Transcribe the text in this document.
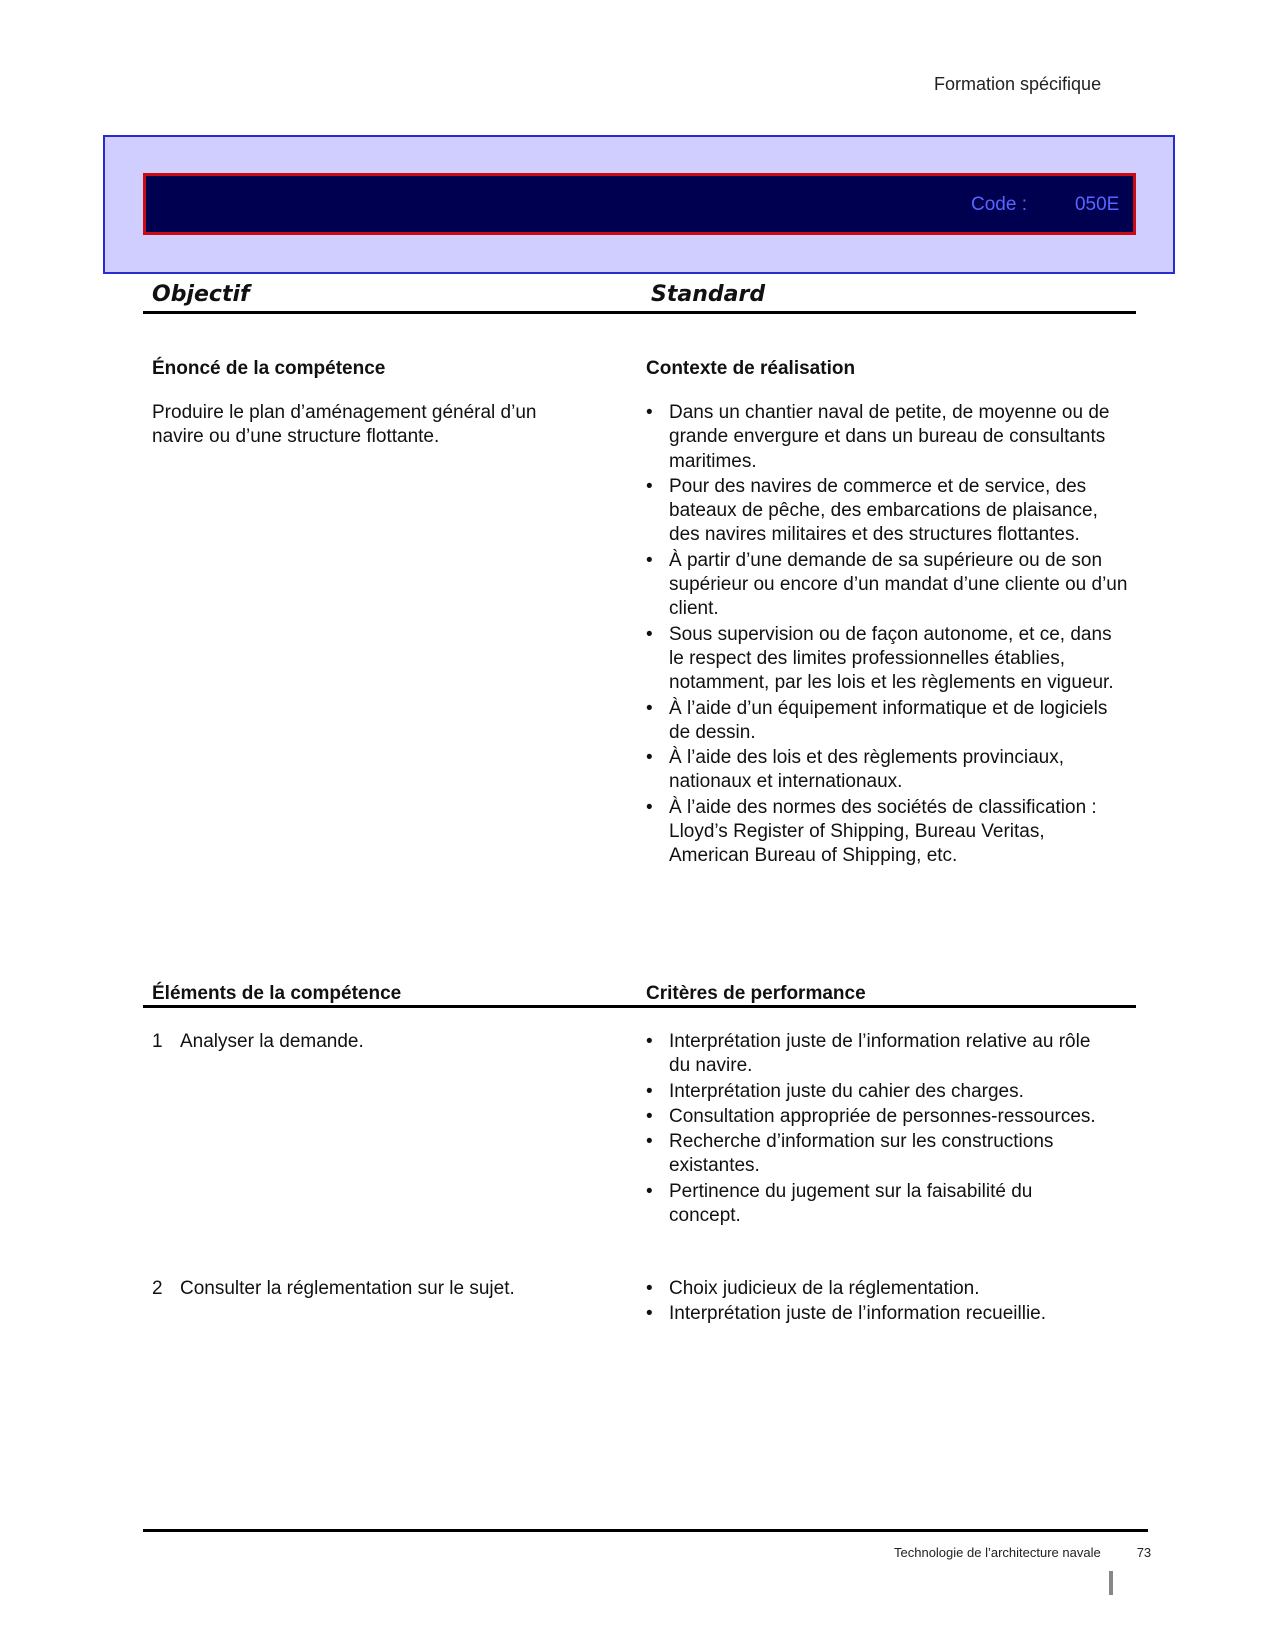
Formation spécifique
Code :	050E
Objectif	Standard
Énoncé de la compétence	Contexte de réalisation
Produire le plan d’aménagement général d’un navire ou d’une structure flottante.
• Dans un chantier naval de petite, de moyenne ou de grande envergure et dans un bureau de consultants maritimes.
• Pour des navires de commerce et de service, des bateaux de pêche, des embarcations de plaisance, des navires militaires et des structures flottantes.
• À partir d’une demande de sa supérieure ou de son supérieur ou encore d’un mandat d’une cliente ou d’un client.
• Sous supervision ou de façon autonome, et ce, dans le respect des limites professionnelles établies, notamment, par les lois et les règlements en vigueur.
• À l’aide d’un équipement informatique et de logiciels de dessin.
• À l’aide des lois et des règlements provinciaux, nationaux et internationaux.
• À l’aide des normes des sociétés de classification : Lloyd’s Register of Shipping, Bureau Veritas, American Bureau of Shipping, etc.
Éléments de la compétence	Critères de performance
1 Analyser la demande.	• Interprétation juste de l’information relative au rôle du navire.
• Interprétation juste du cahier des charges.
• Consultation appropriée de personnes-ressources.
• Recherche d’information sur les constructions existantes.
• Pertinence du jugement sur la faisabilité du concept.
2 Consulter la réglementation sur le sujet.	• Choix judicieux de la réglementation.
• Interprétation juste de l’information recueillie.
Technologie de l’architecture navale	73
